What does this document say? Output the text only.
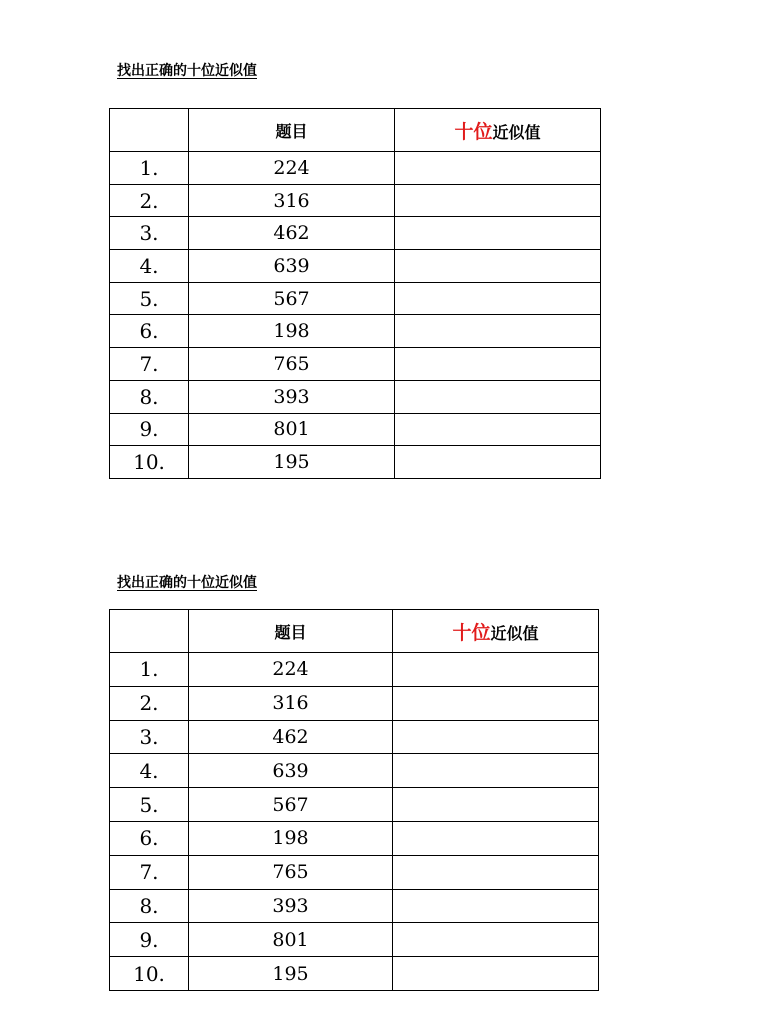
找出正确的十位近似值
	题目	十位近似值
1.	224	
2.	316	
3.	462	
4.	639	
5.	567	
6.	198	
7.	765	
8.	393	
9.	801	
10.	195	
找出正确的十位近似值
	题目	十位近似值
1.	224	
2.	316	
3.	462	
4.	639	
5.	567	
6.	198	
7.	765	
8.	393	
9.	801	
10.	195	
